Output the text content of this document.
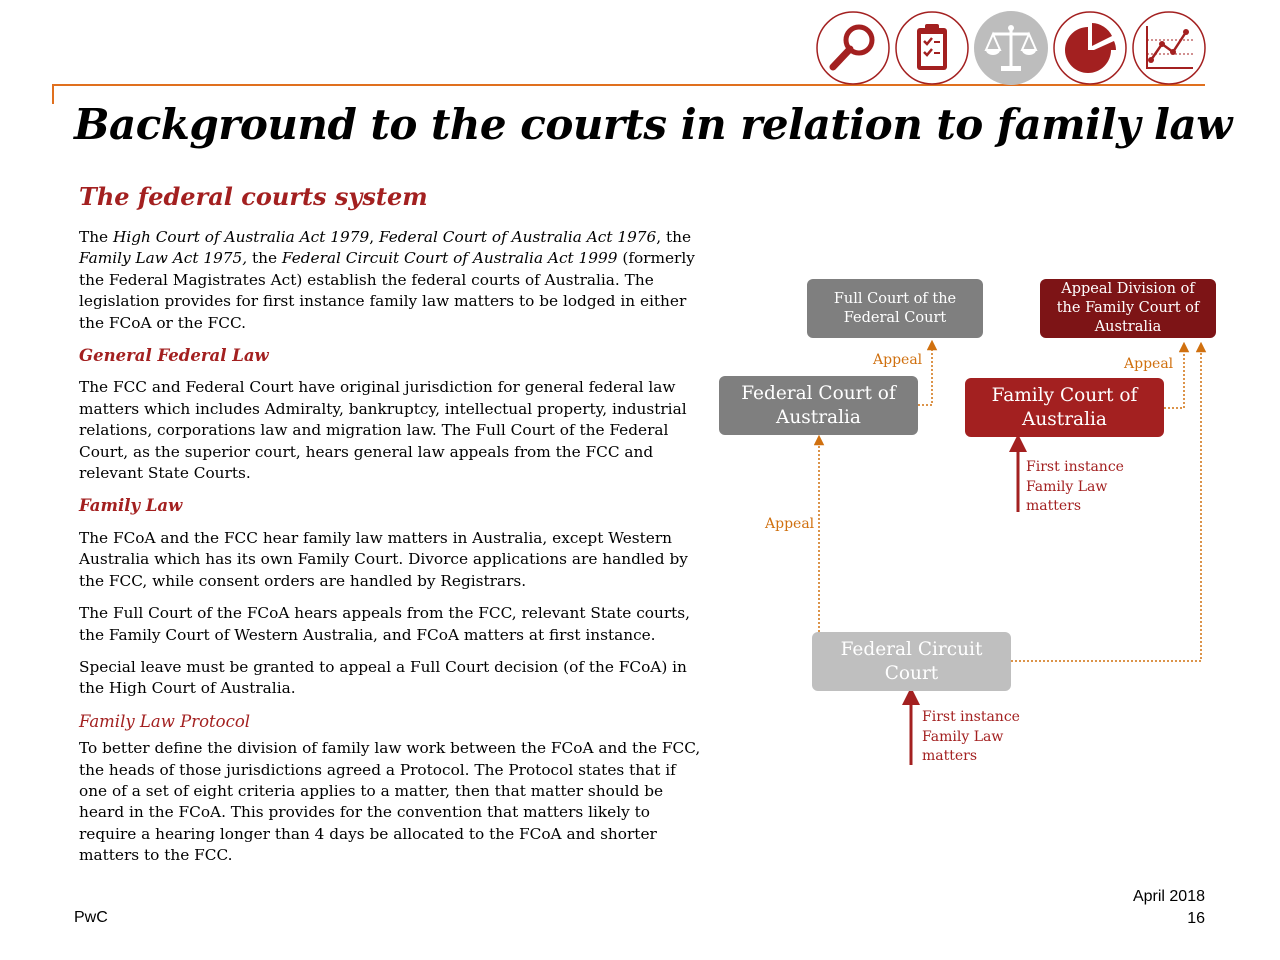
Background to the courts in relation to family law
The federal courts system

The High Court of Australia Act 1979, Federal Court of Australia Act 1976, the Family Law Act 1975, the Federal Circuit Court of Australia Act 1999 (formerly the Federal Magistrates Act) establish the federal courts of Australia. The legislation provides for first instance family law matters to be lodged in either the FCoA or the FCC.

General Federal Law

The FCC and Federal Court have original jurisdiction for general federal law matters which includes Admiralty, bankruptcy, intellectual property, industrial relations, corporations law and migration law. The Full Court of the Federal Court, as the superior court, hears general law appeals from the FCC and relevant State Courts.

Family Law

The FCoA and the FCC hear family law matters in Australia, except Western Australia which has its own Family Court. Divorce applications are handled by the FCC, while consent orders are handled by Registrars.

The Full Court of the FCoA hears appeals from the FCC, relevant State courts, the Family Court of Western Australia, and FCoA matters at first instance.

Special leave must be granted to appeal a Full Court decision (of the FCoA) in the High Court of Australia.

Family Law Protocol

To better define the division of family law work between the FCoA and the FCC, the heads of those jurisdictions agreed a Protocol. The Protocol states that if one of a set of eight criteria applies to a matter, then that matter should be heard in the FCoA. This provides for the convention that matters likely to require a hearing longer than 4 days be allocated to the FCoA and shorter matters to the FCC.

Full Court of the Federal Court
Appeal Division of the Family Court of Australia
Federal Court of Australia
Family Court of Australia
Federal Circuit Court
Appeal	Appeal
Appeal
First instance Family Law matters
First instance Family Law matters
PwC
April 2018
16
